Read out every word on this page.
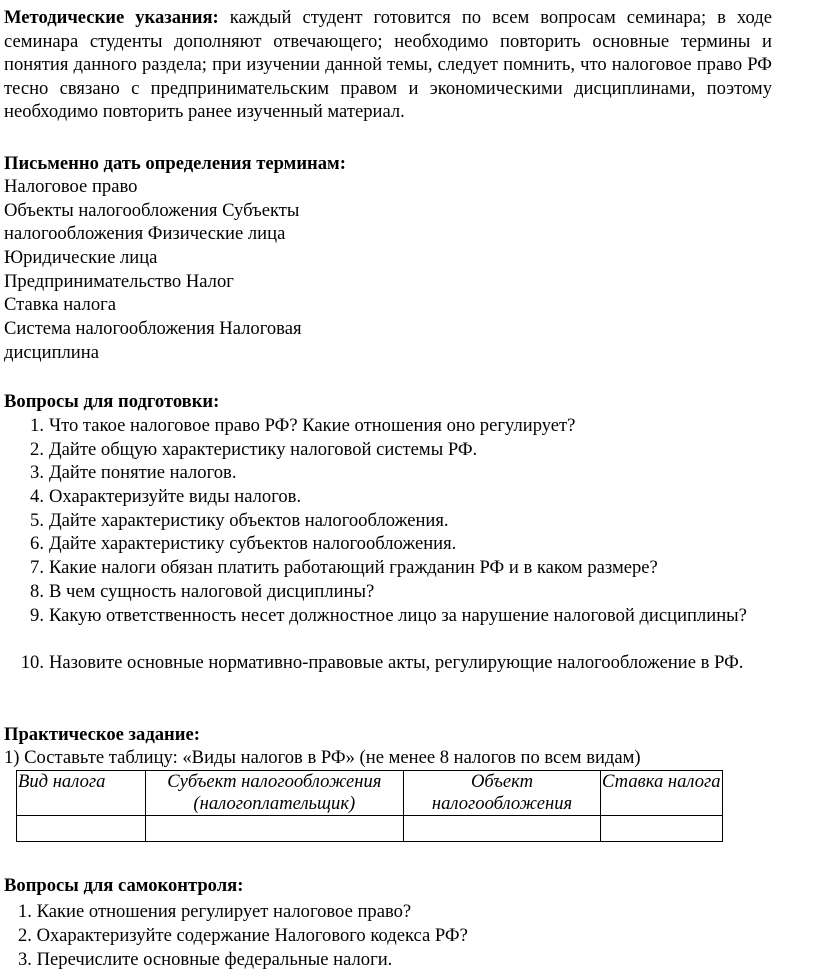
Методические указания: каждый студент готовится по всем вопросам семинара; в ходе семинара студенты дополняют отвечающего; необходимо повторить основные термины и понятия данного раздела; при изучении данной темы, следует помнить, что налоговое право РФ тесно связано с предпринимательским правом и экономическими дисциплинами, поэтому необходимо повторить ранее изученный материал.

Письменно дать определения терминам:
Налоговое право
Объекты налогообложения Субъекты
налогообложения Физические лица
Юридические лица
Предпринимательство Налог
Ставка налога
Система налогообложения Налоговая
дисциплина
Вопросы для подготовки:
1. Что такое налоговое право РФ? Какие отношения оно регулирует?
2. Дайте общую характеристику налоговой системы РФ.
3. Дайте понятие налогов.
4. Охарактеризуйте виды налогов.
5. Дайте характеристику объектов налогообложения.
6. Дайте характеристику субъектов налогообложения.
7. Какие налоги обязан платить работающий гражданин РФ и в каком размере?
8. В чем сущность налоговой дисциплины?
9. Какую ответственность несет должностное лицо за нарушение налоговой дисциплины?
10. Назовите основные нормативно-правовые акты, регулирующие налогообложение в РФ.
Практическое задание:
1) Составьте таблицу: «Виды налогов в РФ» (не менее 8 налогов по всем видам)
Вид налога	Субъект налогообложения (налогоплательщик)	Объект налогообложения	Ставка налога

Вопросы для самоконтроля:
1. Какие отношения регулирует налоговое право?
2. Охарактеризуйте содержание Налогового кодекса РФ?
3. Перечислите основные федеральные налоги.
